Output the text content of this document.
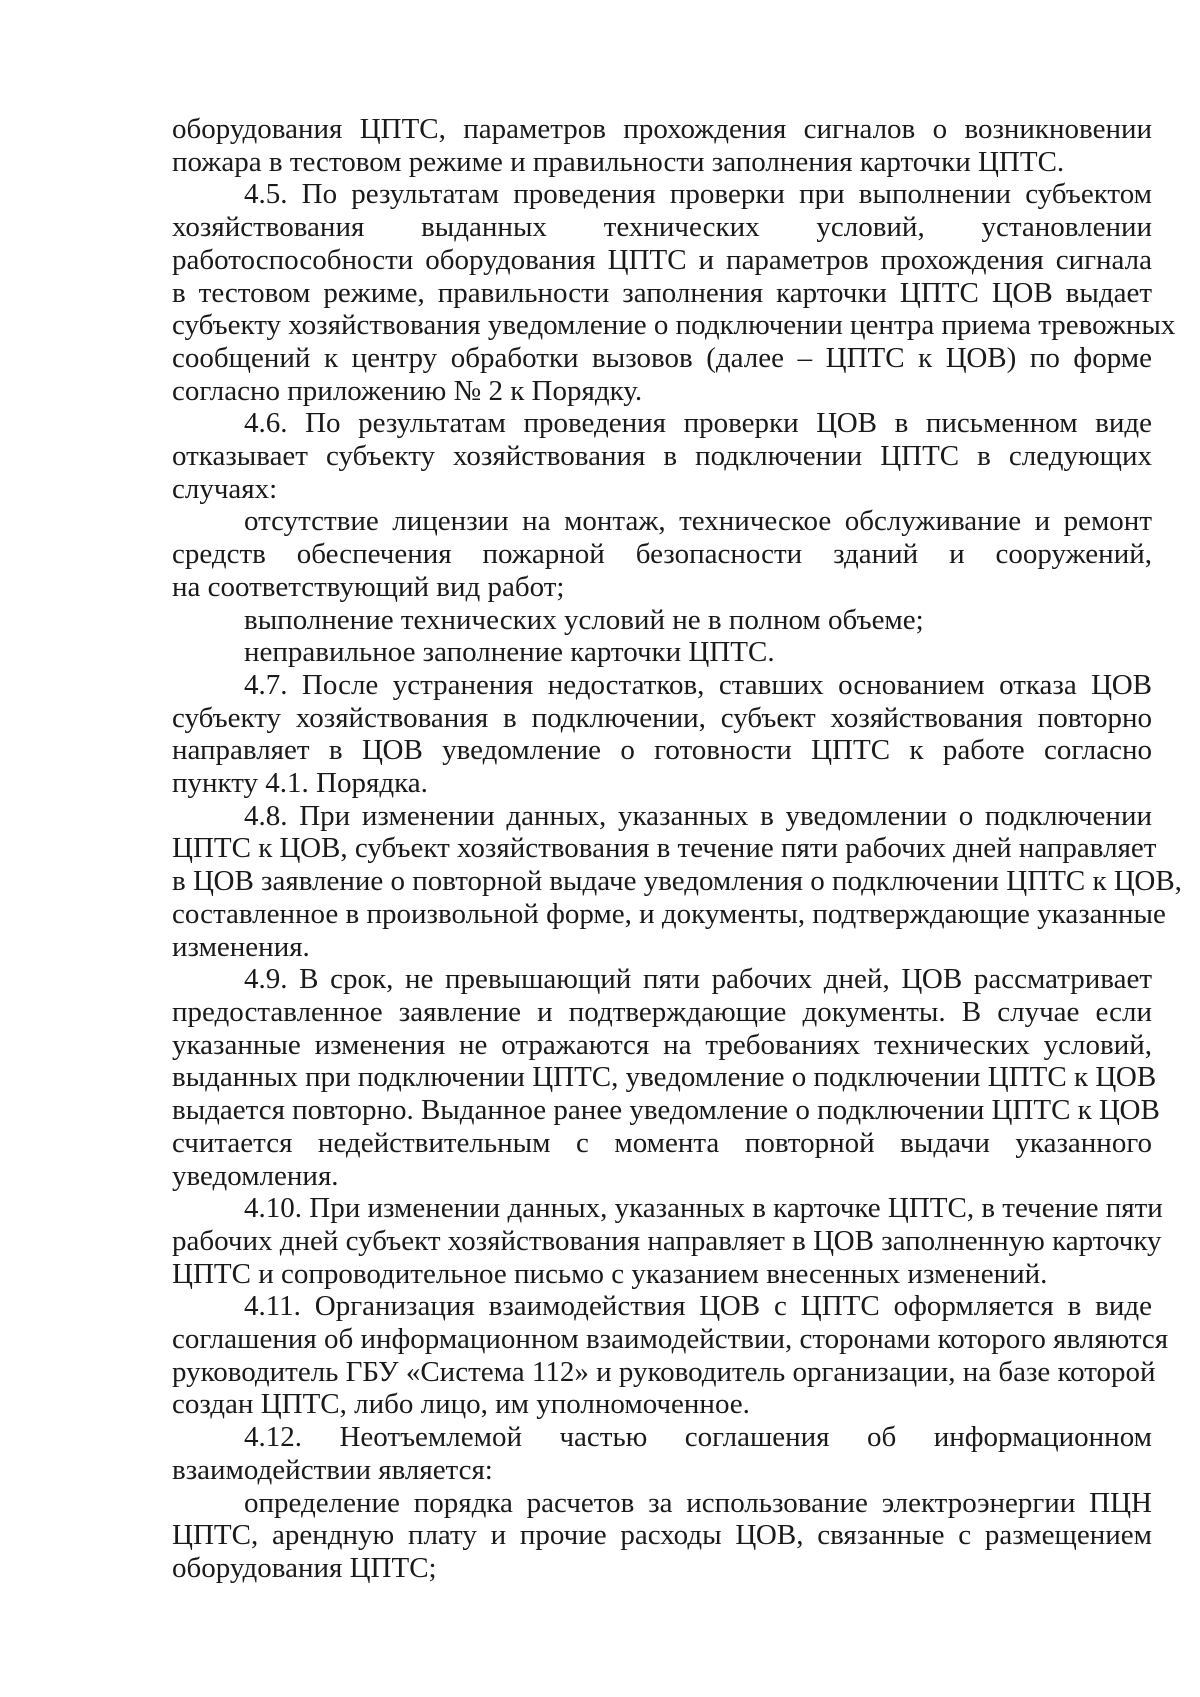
оборудования ЦПТС, параметров прохождения сигналов о возникновении
пожара в тестовом режиме и правильности заполнения карточки ЦПТС.
4.5. По результатам проведения проверки при выполнении субъектом
хозяйствования выданных технических условий, установлении
работоспособности оборудования ЦПТС и параметров прохождения сигнала
в тестовом режиме, правильности заполнения карточки ЦПТС ЦОВ выдает
субъекту хозяйствования уведомление о подключении центра приема тревожных
сообщений к центру обработки вызовов (далее – ЦПТС к ЦОВ) по форме
согласно приложению № 2 к Порядку.
4.6. По результатам проведения проверки ЦОВ в письменном виде
отказывает субъекту хозяйствования в подключении ЦПТС в следующих
случаях:
отсутствие лицензии на монтаж, техническое обслуживание и ремонт
средств обеспечения пожарной безопасности зданий и сооружений,
на соответствующий вид работ;
выполнение технических условий не в полном объеме;
неправильное заполнение карточки ЦПТС.
4.7. После устранения недостатков, ставших основанием отказа ЦОВ
субъекту хозяйствования в подключении, субъект хозяйствования повторно
направляет в ЦОВ уведомление о готовности ЦПТС к работе согласно
пункту 4.1. Порядка.
4.8. При изменении данных, указанных в уведомлении о подключении
ЦПТС к ЦОВ, субъект хозяйствования в течение пяти рабочих дней направляет
в ЦОВ заявление о повторной выдаче уведомления о подключении ЦПТС к ЦОВ,
составленное в произвольной форме, и документы, подтверждающие указанные
изменения.
4.9. В срок, не превышающий пяти рабочих дней, ЦОВ рассматривает
предоставленное заявление и подтверждающие документы. В случае если
указанные изменения не отражаются на требованиях технических условий,
выданных при подключении ЦПТС, уведомление о подключении ЦПТС к ЦОВ
выдается повторно. Выданное ранее уведомление о подключении ЦПТС к ЦОВ
считается недействительным с момента повторной выдачи указанного
уведомления.
4.10. При изменении данных, указанных в карточке ЦПТС, в течение пяти
рабочих дней субъект хозяйствования направляет в ЦОВ заполненную карточку
ЦПТС и сопроводительное письмо с указанием внесенных изменений.
4.11. Организация взаимодействия ЦОВ с ЦПТС оформляется в виде
соглашения об информационном взаимодействии, сторонами которого являются
руководитель ГБУ «Система 112» и руководитель организации, на базе которой
создан ЦПТС, либо лицо, им уполномоченное.
4.12. Неотъемлемой частью соглашения об информационном
взаимодействии является:
определение порядка расчетов за использование электроэнергии ПЦН
ЦПТС, арендную плату и прочие расходы ЦОВ, связанные с размещением
оборудования ЦПТС;
